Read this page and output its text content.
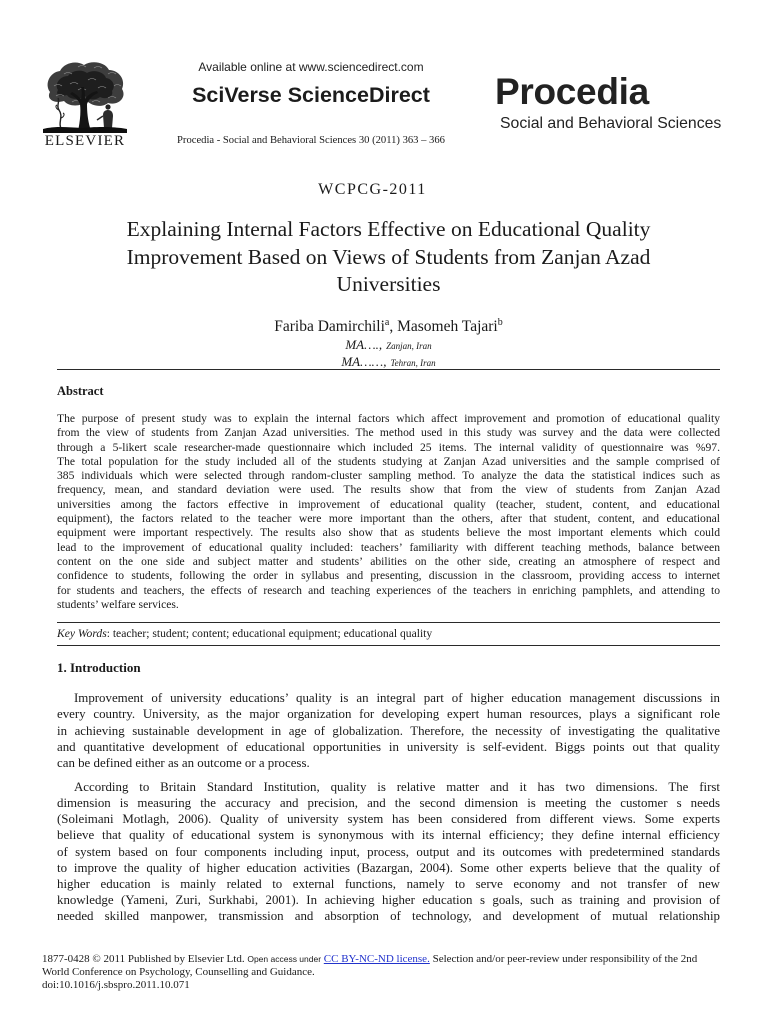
ELSEVIER
Available online at www.sciencedirect.com
SciVerse ScienceDirect
Procedia - Social and Behavioral Sciences 30 (2011) 363 – 366
Procedia
Social and Behavioral Sciences
WCPCG-2011
Explaining Internal Factors Effective on Educational Quality
Improvement Based on Views of Students from Zanjan Azad
Universities
Fariba Damirchili$^a$, Masomeh Tajari$^b$
MA…., Zanjan, Iran
MA……, Tehran, Iran
Abstract
The purpose of present study was to explain the internal factors which affect improvement and promotion of educational quality
from the view of students from Zanjan Azad universities. The method used in this study was survey and the data were collected
through a 5-likert scale researcher-made questionnaire which included 25 items. The internal validity of questionnaire was %97.
The total population for the study included all of the students studying at Zanjan Azad universities and the sample comprised of
385 individuals which were selected through random-cluster sampling method. To analyze the data the statistical indices such as
frequency, mean, and standard deviation were used. The results show that from the view of students from Zanjan Azad
universities among the factors effective in improvement of educational quality (teacher, student, content, and educational
equipment), the factors related to the teacher were more important than the others, after that student, content, and educational
equipment were important respectively. The results also show that as students believe the most important elements which could
lead to the improvement of educational quality included: teachers’ familiarity with different teaching methods, balance between
content on the one side and subject matter and students’ abilities on the other side, creating an atmosphere of respect and
confidence to students, following the order in syllabus and presenting, discussion in the classroom, providing access to internet
for students and teachers, the effects of research and teaching experiences of the teachers in enriching pamphlets, and attending to
students’ welfare services.
Key Words: teacher; student; content; educational equipment; educational quality
1. Introduction
Improvement of university educations’ quality is an integral part of higher education management discussions in
every country. University, as the major organization for developing expert human resources, plays a significant role
in achieving sustainable development in age of globalization. Therefore, the necessity of investigating the qualitative
and quantitative development of educational opportunities in university is self-evident. Biggs points out that quality
can be defined either as an outcome or a process.
According to Britain Standard Institution, quality is relative matter and it has two dimensions. The first
dimension is measuring the accuracy and precision, and the second dimension is meeting the customer s needs
(Soleimani Motlagh, 2006). Quality of university system has been considered from different views. Some experts
believe that quality of educational system is synonymous with its internal efficiency; they define internal efficiency
of system based on four components including input, process, output and its outcomes with predetermined standards
to improve the quality of higher education activities (Bazargan, 2004). Some other experts believe that the quality of
higher education is mainly related to external functions, namely to serve economy and not transfer of new
knowledge (Yameni, Zuri, Surkhabi, 2001). In achieving higher education s goals, such as training and provision of
needed skilled manpower, transmission and absorption of technology, and development of mutual relationship
1877-0428 © 2011 Published by Elsevier Ltd. Open access under CC BY-NC-ND license. Selection and/or peer-review under responsibility of the 2nd
World Conference on Psychology, Counselling and Guidance.
doi:10.1016/j.sbspro.2011.10.071
